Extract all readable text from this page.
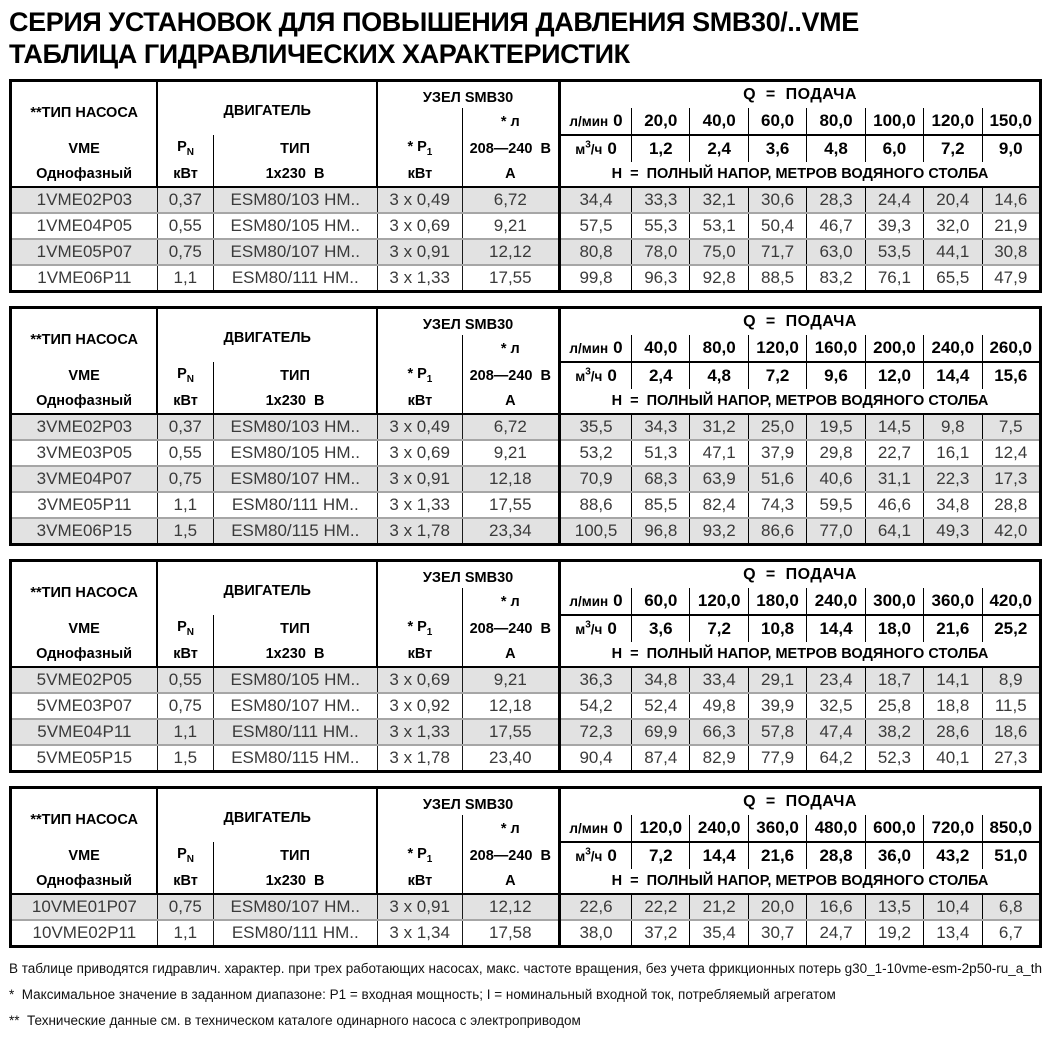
СЕРИЯ УСТАНОВОК ДЛЯ ПОВЫШЕНИЯ ДАВЛЕНИЯ SMB30/..VME
ТАБЛИЦА ГИДРАВЛИЧЕСКИХ ХАРАКТЕРИСТИК
**ТИП НАСОСА	ДВИГАТЕЛЬ		УЗЕЛ SMB30		Q  =  ПОДАЧА							
				* л	л/мин 0	20,0	40,0	60,0	80,0	100,0	120,0	150,0
VME	$P_N$	ТИП	* $P_1$	208—240  В	$м^3/ч$ 0	1,2	2,4	3,6	4,8	6,0	7,2	9,0
Однофазный	кВт	1x230  В	кВт	А	Н  =  ПОЛНЫЙ НАПОР, МЕТРОВ ВОДЯНОГО СТОЛБА							
1VME02P03	0,37	ESM80/103 HM..	3 x 0,49	6,72	34,4	33,3	32,1	30,6	28,3	24,4	20,4	14,6
1VME04P05	0,55	ESM80/105 HM..	3 x 0,69	9,21	57,5	55,3	53,1	50,4	46,7	39,3	32,0	21,9
1VME05P07	0,75	ESM80/107 HM..	3 x 0,91	12,12	80,8	78,0	75,0	71,7	63,0	53,5	44,1	30,8
1VME06P11	1,1	ESM80/111 HM..	3 x 1,33	17,55	99,8	96,3	92,8	88,5	83,2	76,1	65,5	47,9
**ТИП НАСОСА	ДВИГАТЕЛЬ		УЗЕЛ SMB30		Q  =  ПОДАЧА							
				* л	л/мин 0	40,0	80,0	120,0	160,0	200,0	240,0	260,0
VME	$P_N$	ТИП	* $P_1$	208—240  В	$м^3/ч$ 0	2,4	4,8	7,2	9,6	12,0	14,4	15,6
Однофазный	кВт	1x230  В	кВт	А	Н  =  ПОЛНЫЙ НАПОР, МЕТРОВ ВОДЯНОГО СТОЛБА							
3VME02P03	0,37	ESM80/103 HM..	3 x 0,49	6,72	35,5	34,3	31,2	25,0	19,5	14,5	9,8	7,5
3VME03P05	0,55	ESM80/105 HM..	3 x 0,69	9,21	53,2	51,3	47,1	37,9	29,8	22,7	16,1	12,4
3VME04P07	0,75	ESM80/107 HM..	3 x 0,91	12,18	70,9	68,3	63,9	51,6	40,6	31,1	22,3	17,3
3VME05P11	1,1	ESM80/111 HM..	3 x 1,33	17,55	88,6	85,5	82,4	74,3	59,5	46,6	34,8	28,8
3VME06P15	1,5	ESM80/115 HM..	3 x 1,78	23,34	100,5	96,8	93,2	86,6	77,0	64,1	49,3	42,0
**ТИП НАСОСА	ДВИГАТЕЛЬ		УЗЕЛ SMB30		Q  =  ПОДАЧА							
				* л	л/мин 0	60,0	120,0	180,0	240,0	300,0	360,0	420,0
VME	$P_N$	ТИП	* $P_1$	208—240  В	$м^3/ч$ 0	3,6	7,2	10,8	14,4	18,0	21,6	25,2
Однофазный	кВт	1x230  В	кВт	А	Н  =  ПОЛНЫЙ НАПОР, МЕТРОВ ВОДЯНОГО СТОЛБА							
5VME02P05	0,55	ESM80/105 HM..	3 x 0,69	9,21	36,3	34,8	33,4	29,1	23,4	18,7	14,1	8,9
5VME03P07	0,75	ESM80/107 HM..	3 x 0,92	12,18	54,2	52,4	49,8	39,9	32,5	25,8	18,8	11,5
5VME04P11	1,1	ESM80/111 HM..	3 x 1,33	17,55	72,3	69,9	66,3	57,8	47,4	38,2	28,6	18,6
5VME05P15	1,5	ESM80/115 HM..	3 x 1,78	23,40	90,4	87,4	82,9	77,9	64,2	52,3	40,1	27,3
**ТИП НАСОСА	ДВИГАТЕЛЬ		УЗЕЛ SMB30		Q  =  ПОДАЧА							
				* л	л/мин 0	120,0	240,0	360,0	480,0	600,0	720,0	850,0
VME	$P_N$	ТИП	* $P_1$	208—240  В	$м^3/ч$ 0	7,2	14,4	21,6	28,8	36,0	43,2	51,0
Однофазный	кВт	1x230  В	кВт	А	Н  =  ПОЛНЫЙ НАПОР, МЕТРОВ ВОДЯНОГО СТОЛБА							
10VME01P07	0,75	ESM80/107 HM..	3 x 0,91	12,12	22,6	22,2	21,2	20,0	16,6	13,5	10,4	6,8
10VME02P11	1,1	ESM80/111 HM..	3 x 1,34	17,58	38,0	37,2	35,4	30,7	24,7	19,2	13,4	6,7
В таблице приводятся гидравлич. характер. при трех работающих насосах, макс. частоте вращения, без учета фрикционных потерь g30_1-10vme-esm-2p50-ru_a_th
*  Максимальное значение в заданном диапазоне: P1 = входная мощность; I = номинальный входной ток, потребляемый агрегатом
**  Технические данные см. в техническом каталоге одинарного насоса с электроприводом
